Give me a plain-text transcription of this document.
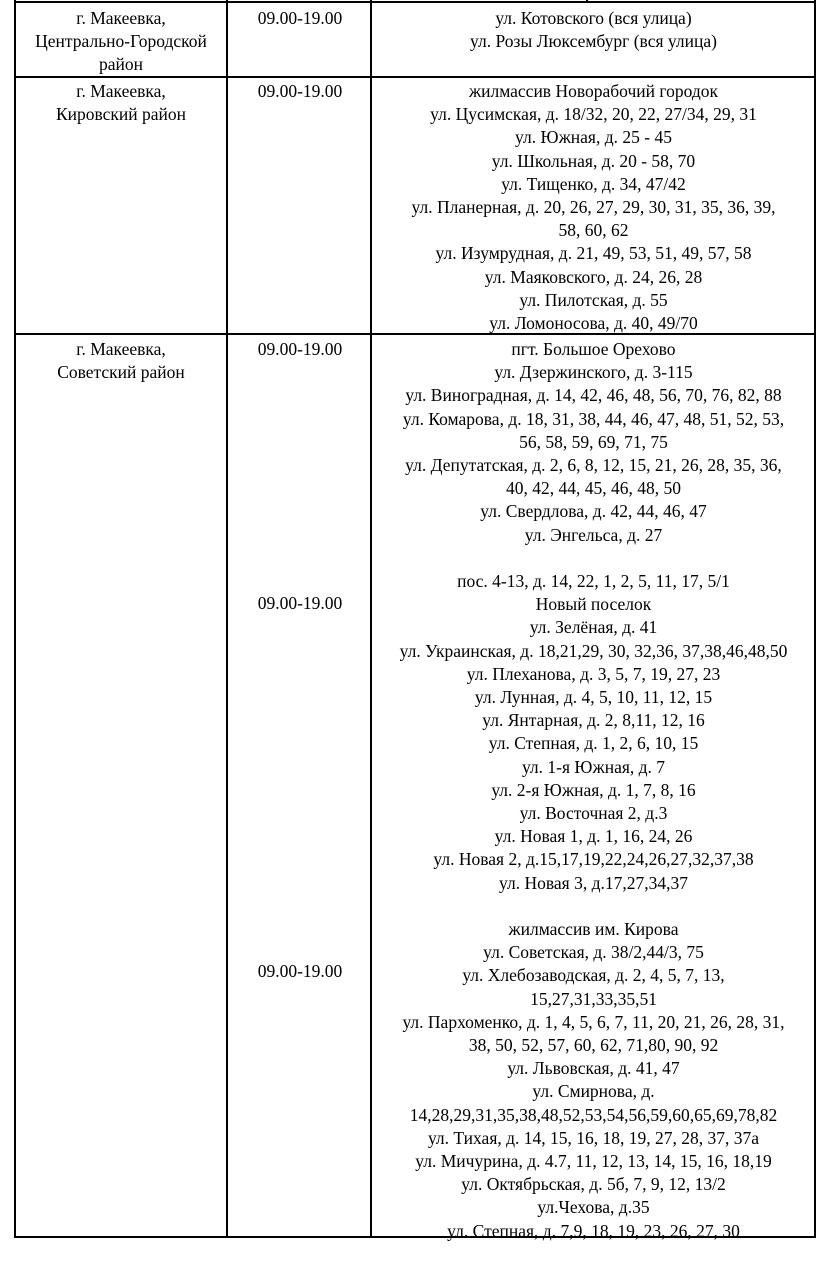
г. Макеевка,
Центрально-Городской
район
09.00-19.00	ул. Котовского (вся улица)
ул. Розы Люксембург (вся улица)
г. Макеевка,
Кировский район
09.00-19.00	жилмассив Новорабочий городок
ул. Цусимская, д. 18/32, 20, 22, 27/34, 29, 31
ул. Южная, д. 25 - 45
ул. Школьная, д. 20 - 58, 70
ул. Тищенко, д. 34, 47/42
ул. Планерная, д. 20, 26, 27, 29, 30, 31, 35, 36, 39,
58, 60, 62
ул. Изумрудная, д. 21, 49, 53, 51, 49, 57, 58
ул. Маяковского, д. 24, 26, 28
ул. Пилотская, д. 55
ул. Ломоносова, д. 40, 49/70
г. Макеевка,
Советский район
09.00-19.00
09.00-19.00
09.00-19.00
пгт. Большое Орехово
ул. Дзержинского, д. 3-115
ул. Виноградная, д. 14, 42, 46, 48, 56, 70, 76, 82, 88
ул. Комарова, д. 18, 31, 38, 44, 46, 47, 48, 51, 52, 53,
56, 58, 59, 69, 71, 75
ул. Депутатская, д. 2, 6, 8, 12, 15, 21, 26, 28, 35, 36,
40, 42, 44, 45, 46, 48, 50
ул. Свердлова, д. 42, 44, 46, 47
ул. Энгельса, д. 27
пос. 4-13, д. 14, 22, 1, 2, 5, 11, 17, 5/1
Новый поселок
ул. Зелёная, д. 41
ул. Украинская, д. 18,21,29, 30, 32,36, 37,38,46,48,50
ул. Плеханова, д. 3, 5, 7, 19, 27, 23
ул. Лунная, д. 4, 5, 10, 11, 12, 15
ул. Янтарная, д. 2, 8,11, 12, 16
ул. Степная, д. 1, 2, 6, 10, 15
ул. 1-я Южная, д. 7
ул. 2-я Южная, д. 1, 7, 8, 16
ул. Восточная 2, д.3
ул. Новая 1, д. 1, 16, 24, 26
ул. Новая 2, д.15,17,19,22,24,26,27,32,37,38
ул. Новая 3, д.17,27,34,37
жилмассив им. Кирова
ул. Советская, д. 38/2,44/3, 75
ул. Хлебозаводская, д. 2, 4, 5, 7, 13,
15,27,31,33,35,51
ул. Пархоменко, д. 1, 4, 5, 6, 7, 11, 20, 21, 26, 28, 31,
38, 50, 52, 57, 60, 62, 71,80, 90, 92
ул. Львовская, д. 41, 47
ул. Смирнова, д.
14,28,29,31,35,38,48,52,53,54,56,59,60,65,69,78,82
ул. Тихая, д. 14, 15, 16, 18, 19, 27, 28, 37, 37а
ул. Мичурина, д. 4.7, 11, 12, 13, 14, 15, 16, 18,19
ул. Октябрьская, д. 5б, 7, 9, 12, 13/2
ул.Чехова, д.35
ул. Степная, д. 7,9, 18, 19, 23, 26, 27, 30
